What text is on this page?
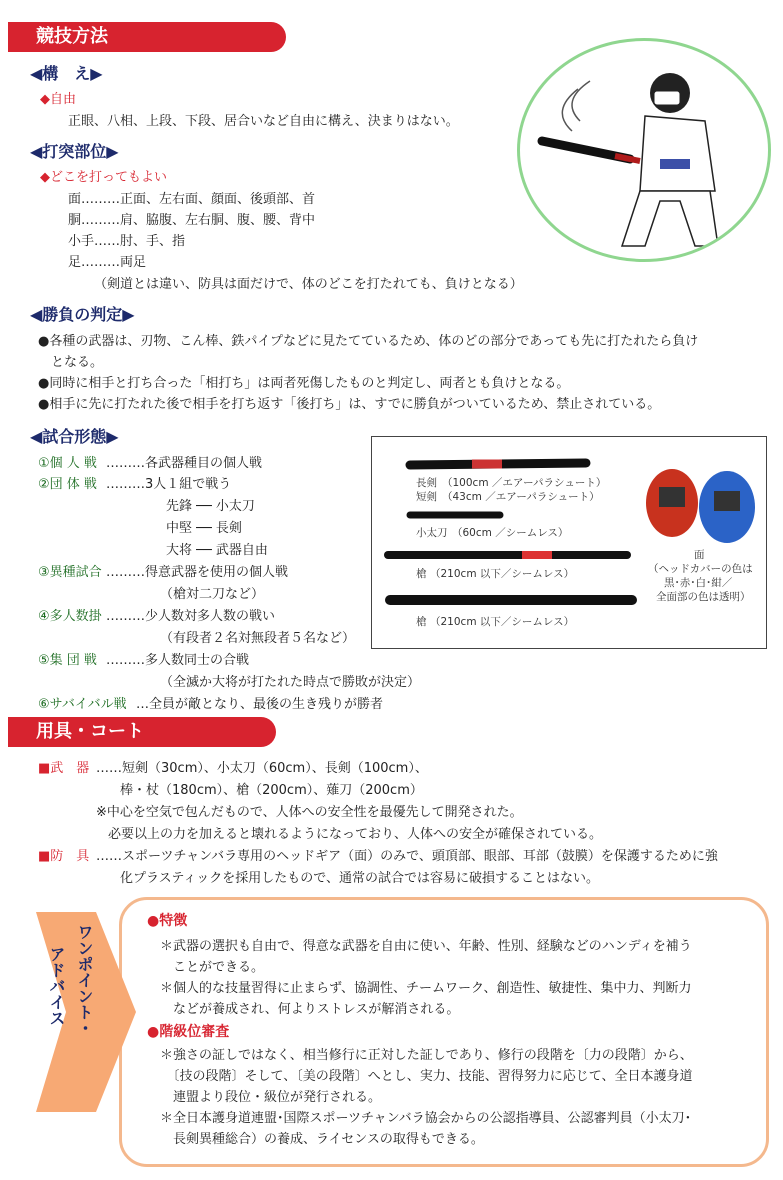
競技方法
◀構　え▶
◆自由
正眼、八相、上段、下段、居合いなど自由に構え、決まりはない。
◀打突部位▶
◆どこを打ってもよい
面………正面、左右面、顔面、後頭部、首
胴………肩、脇腹、左右胴、腹、腰、背中
小手……肘、手、指
足………両足
（剣道とは違い、防具は面だけで、体のどこを打たれても、負けとなる）
◀勝負の判定▶
●各種の武器は、刃物、こん棒、鉄パイプなどに見たてているため、体のどの部分であっても先に打たれたら負け
　となる。
●同時に相手と打ち合った「相打ち」は両者死傷したものと判定し、両者とも負けとなる。
●相手に先に打たれた後で相手を打ち返す「後打ち」は、すでに勝負がついているため、禁止されている。
◀試合形態▶
①個 人 戦 ………各武器種目の個人戦
②団 体 戦 ………3人１組で戦う
先鋒 ── 小太刀
中堅 ── 長剣
大将 ── 武器自由
③異種試合 ………得意武器を使用の個人戦
（槍対二刀など）
④多人数掛 ………少人数対多人数の戦い
（有段者２名対無段者５名など）
⑤集 団 戦 ………多人数同士の合戦
（全滅か大将が打たれた時点で勝敗が決定）
⑥サバイバル戦 …全員が敵となり、最後の生き残りが勝者
長剣 （100cm ／エアーパラシュート）
短剣 （43cm ／エアーパラシュート）
小太刀 （60cm ／シームレス）
槍 （210cm 以下／シームレス）
槍 （210cm 以下／シームレス）
面
（ヘッドカバーの色は
黒･赤･白･紺／
全面部の色は透明）
用具・コート
■武　器 ……短剣（30cm）、小太刀（60cm）、長剣（100cm）、
棒・杖（180cm）、槍（200cm）、薙刀（200cm）
※中心を空気で包んだもので、人体への安全性を最優先して開発された。
必要以上の力を加えると壊れるようになっており、人体への安全が確保されている。
■防　具 ……スポーツチャンバラ専用のヘッドギア（面）のみで、頭頂部、眼部、耳部（鼓膜）を保護するために強
化プラスティックを採用したもので、通常の試合では容易に破損することはない。
ワンポイント・
アドバイス
●特徴
＊武器の選択も自由で、得意な武器を自由に使い、年齢、性別、経験などのハンディを補う
　ことができる。
＊個人的な技量習得に止まらず、協調性、チームワーク、創造性、敏捷性、集中力、判断力
　などが養成され、何よりストレスが解消される。
●階級位審査
＊強さの証しではなく、相当修行に正対した証しであり、修行の段階を〔力の段階〕から、
　〔技の段階〕そして、〔美の段階〕へとし、実力、技能、習得努力に応じて、全日本護身道
　連盟より段位・級位が発行される。
＊全日本護身道連盟･国際スポーツチャンバラ協会からの公認指導員、公認審判員（小太刀･
　長剣異種総合）の養成、ライセンスの取得もできる。
